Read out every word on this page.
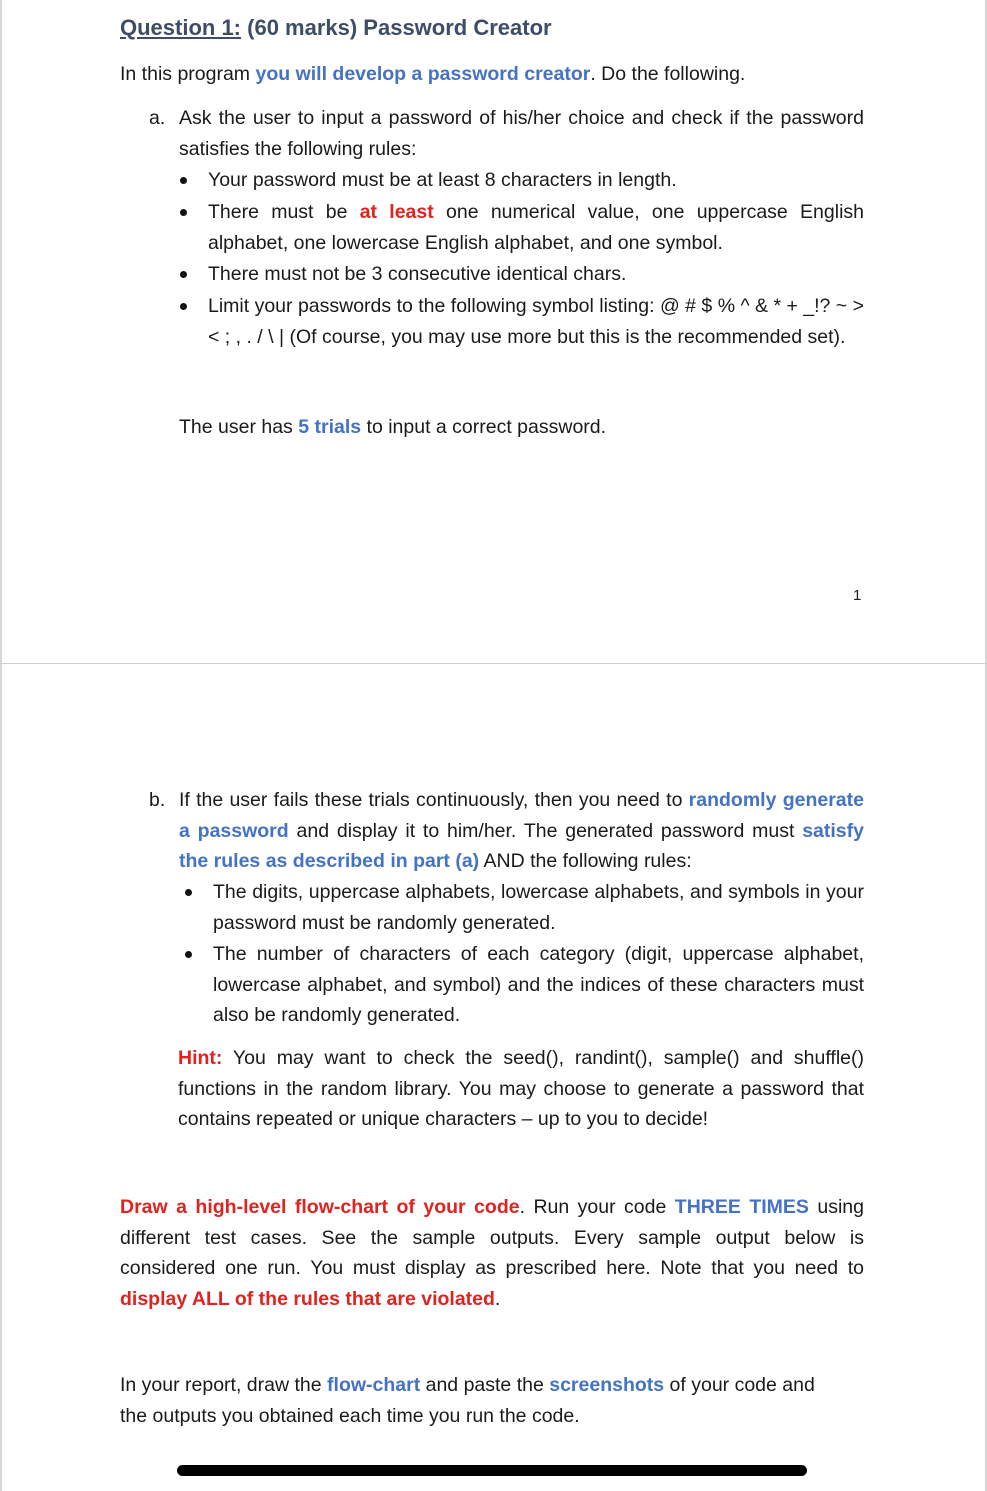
Question 1: (60 marks) Password Creator
In this program you will develop a password creator. Do the following.
a. Ask the user to input a password of his/her choice and check if the password satisfies the following rules:
Your password must be at least 8 characters in length.
There must be at least one numerical value, one uppercase English alphabet, one lowercase English alphabet, and one symbol.
There must not be 3 consecutive identical chars.
Limit your passwords to the following symbol listing: @ # $ % ^ & * + _!? ~ > < ; , . / \ | (Of course, you may use more but this is the recommended set).
The user has 5 trials to input a correct password.
1
b. If the user fails these trials continuously, then you need to randomly generate a password and display it to him/her. The generated password must satisfy the rules as described in part (a) AND the following rules:
The digits, uppercase alphabets, lowercase alphabets, and symbols in your password must be randomly generated.
The number of characters of each category (digit, uppercase alphabet, lowercase alphabet, and symbol) and the indices of these characters must also be randomly generated.
Hint: You may want to check the seed(), randint(), sample() and shuffle() functions in the random library. You may choose to generate a password that contains repeated or unique characters – up to you to decide!
Draw a high-level flow-chart of your code. Run your code THREE TIMES using different test cases. See the sample outputs. Every sample output below is considered one run. You must display as prescribed here. Note that you need to display ALL of the rules that are violated.
In your report, draw the flow-chart and paste the screenshots of your code and the outputs you obtained each time you run the code.
